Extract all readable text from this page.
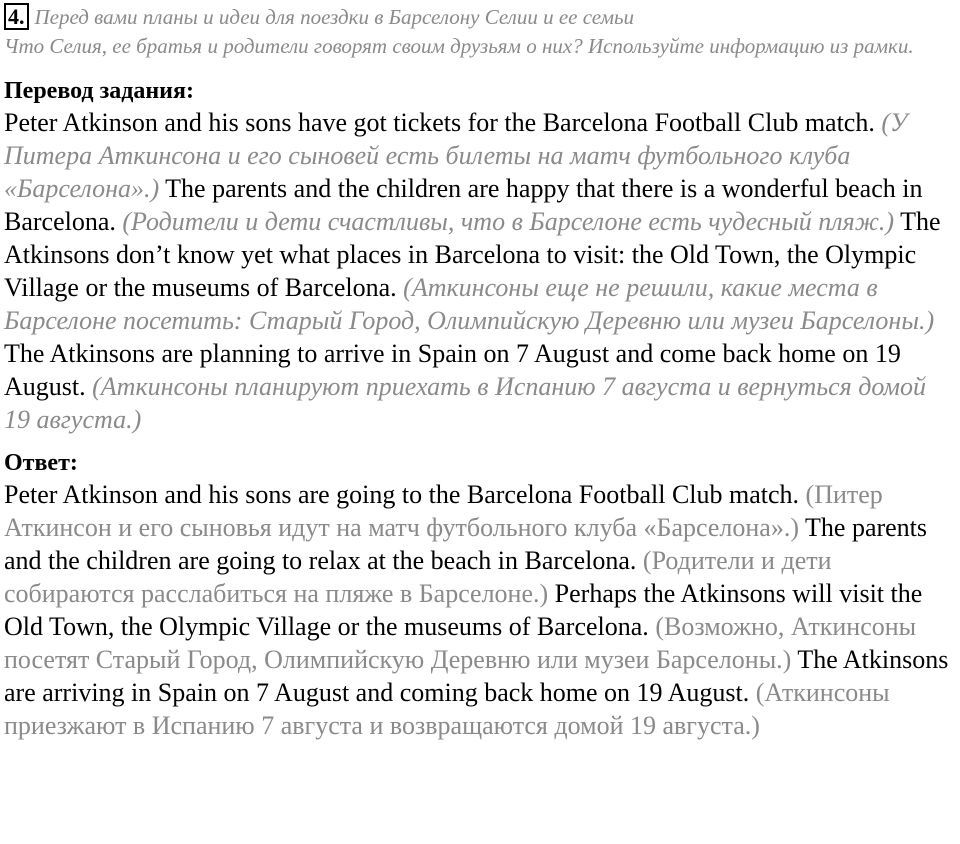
4. Перед вами планы и идеи для поездки в Барселону Селии и ее семьи
Что Селия, ее братья и родители говорят своим друзьям о них? Используйте информацию из рамки.

Перевод задания:

Peter Atkinson and his sons have got tickets for the Barcelona Football Club match. (У Питера Аткинсона и его сыновей есть билеты на матч футбольного клуба «Барселона».) The parents and the children are happy that there is a wonderful beach in Barcelona. (Родители и дети счастливы, что в Барселоне есть чудесный пляж.) The Atkinsons don’t know yet what places in Barcelona to visit: the Old Town, the Olympic Village or the museums of Barcelona. (Аткинсоны еще не решили, какие места в Барселоне посетить: Старый Город, Олимпийскую Деревню или музеи Барселоны.) The Atkinsons are planning to arrive in Spain on 7 August and come back home on 19 August. (Аткинсоны планируют приехать в Испанию 7 августа и вернуться домой 19 августа.)

Ответ:

Peter Atkinson and his sons are going to the Barcelona Football Club match. (Питер Аткинсон и его сыновья идут на матч футбольного клуба «Барселона».) The parents and the children are going to relax at the beach in Barcelona. (Родители и дети собираются расслабиться на пляже в Барселоне.) Perhaps the Atkinsons will visit the Old Town, the Olympic Village or the museums of Barcelona. (Возможно, Аткинсоны посетят Старый Город, Олимпийскую Деревню или музеи Барселоны.) The Atkinsons are arriving in Spain on 7 August and coming back home on 19 August. (Аткинсоны приезжают в Испанию 7 августа и возвращаются домой 19 августа.)
